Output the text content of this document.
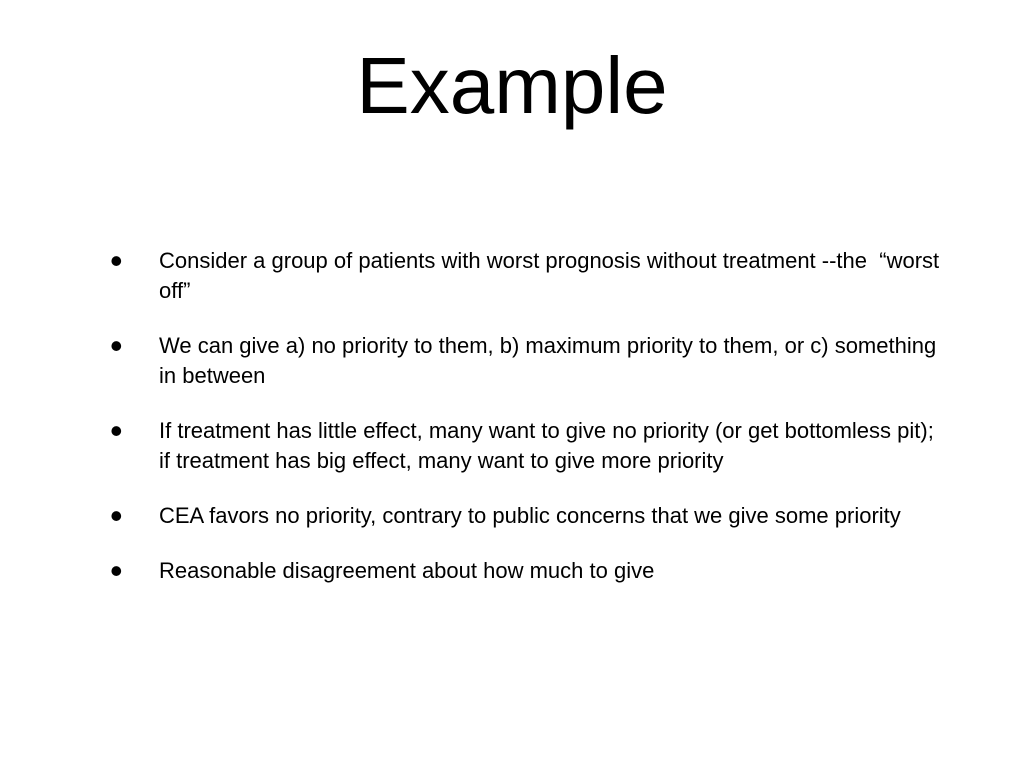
Example
• Consider a group of patients with worst prognosis without treatment --the  “worst off”
• We can give a) no priority to them, b) maximum priority to them, or c) something in between
• If treatment has little effect, many want to give no priority (or get bottomless pit); if treatment has big effect, many want to give more priority
• CEA favors no priority, contrary to public concerns that we give some priority
• Reasonable disagreement about how much to give
